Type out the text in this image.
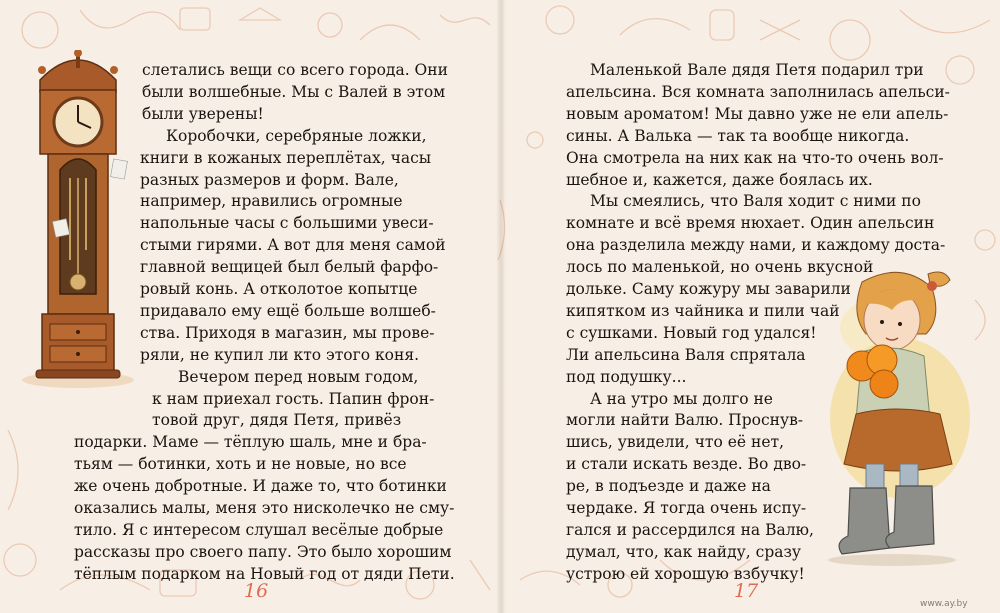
слетались вещи со всего города. Они
были волшебные. Мы с Валей в этом
были уверены!
Коробочки, серебряные ложки,
книги в кожаных переплётах, часы
разных размеров и форм. Вале,
например, нравились огромные
напольные часы с большими увеси-
стыми гирями. А вот для меня самой
главной вещицей был белый фарфо-
ровый конь. А отколотое копытце
придавало ему ещё больше волшеб-
ства. Приходя в магазин, мы прове-
ряли, не купил ли кто этого коня.
Вечером перед новым годом,
к нам приехал гость. Папин фрон-
товой друг, дядя Петя, привёз
подарки. Маме — тёплую шаль, мне и бра-
тьям — ботинки, хоть и не новые, но все
же очень добротные. И даже то, что ботинки
оказались малы, меня это нисколечко не сму-
тило. Я с интересом слушал весёлые добрые
рассказы про своего папу. Это было хорошим
тёплым подарком на Новый год от дяди Пети.
16
Маленькой Вале дядя Петя подарил три
апельсина. Вся комната заполнилась апельси-
новым ароматом! Мы давно уже не ели апель-
сины. А Валька — так та вообще никогда.
Она смотрела на них как на что-то очень вол-
шебное и, кажется, даже боялась их.
Мы смеялись, что Валя ходит с ними по
комнате и всё время нюхает. Один апельсин
она разделила между нами, и каждому доста-
лось по маленькой, но очень вкусной
дольке. Саму кожуру мы заварили
кипятком из чайника и пили чай
с сушками. Новый год удался!
Ли апельсина Валя спрятала
под подушку...
А на утро мы долго не
могли найти Валю. Проснув-
шись, увидели, что её нет,
и стали искать везде. Во дво-
ре, в подъезде и даже на
чердаке. Я тогда очень испу-
гался и рассердился на Валю,
думал, что, как найду, сразу
устрою ей хорошую взбучку!
17
www.ay.by
